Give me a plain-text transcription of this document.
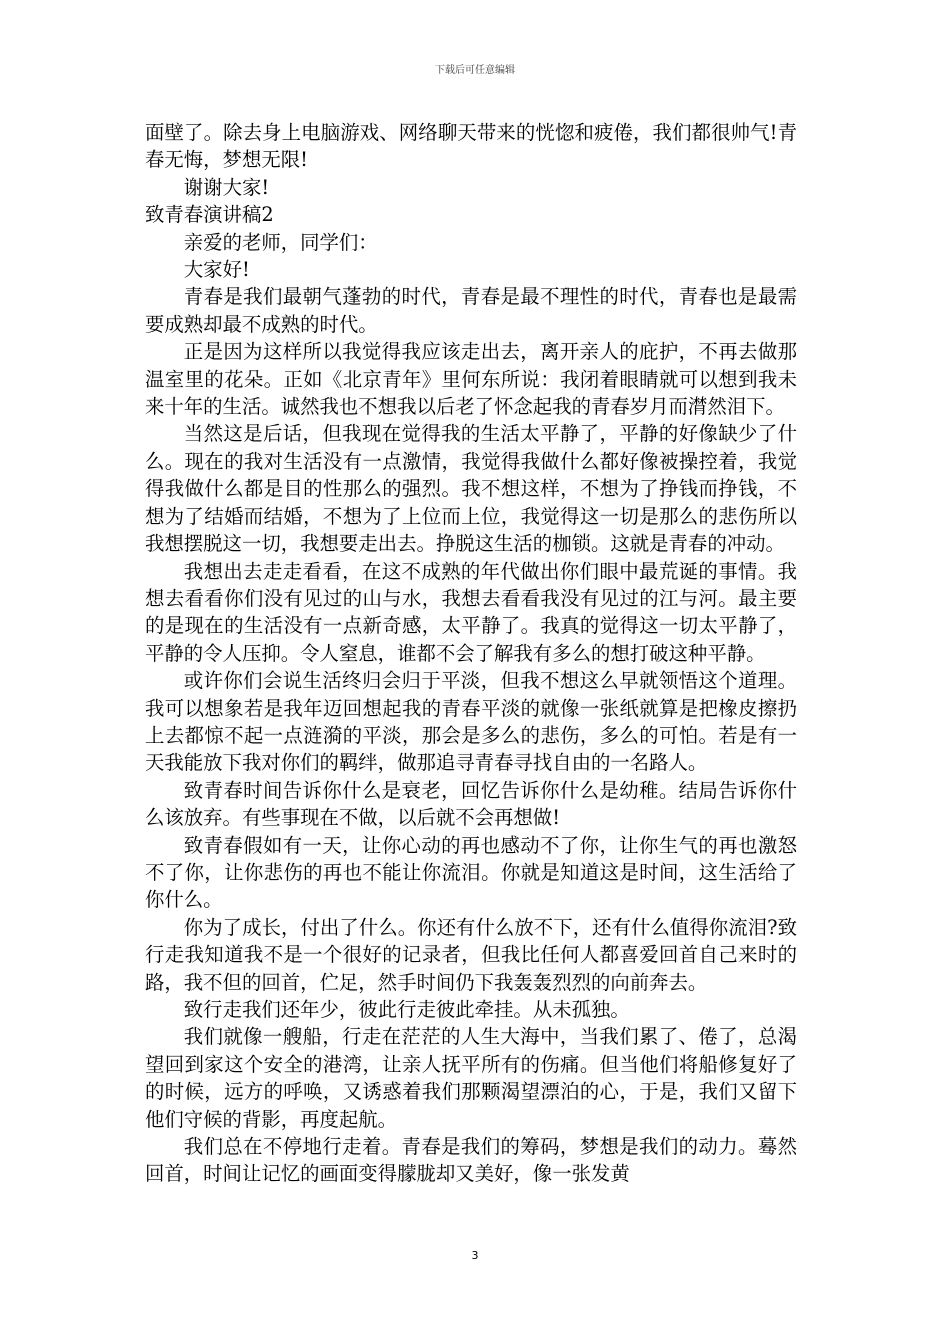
下载后可任意编辑

面壁了。除去身上电脑游戏、网络聊天带来的恍惚和疲倦，我们都很帅气!青春无悔，梦想无限!

谢谢大家!

致青春演讲稿2

亲爱的老师，同学们：

大家好!

青春是我们最朝气蓬勃的时代，青春是最不理性的时代，青春也是最需要成熟却最不成熟的时代。

正是因为这样所以我觉得我应该走出去，离开亲人的庇护，不再去做那温室里的花朵。正如《北京青年》里何东所说：我闭着眼睛就可以想到我未来十年的生活。诚然我也不想我以后老了怀念起我的青春岁月而潸然泪下。

当然这是后话，但我现在觉得我的生活太平静了，平静的好像缺少了什么。现在的我对生活没有一点激情，我觉得我做什么都好像被操控着，我觉得我做什么都是目的性那么的强烈。我不想这样，不想为了挣钱而挣钱，不想为了结婚而结婚，不想为了上位而上位，我觉得这一切是那么的悲伤所以我想摆脱这一切，我想要走出去。挣脱这生活的枷锁。这就是青春的冲动。

我想出去走走看看，在这不成熟的年代做出你们眼中最荒诞的事情。我想去看看你们没有见过的山与水，我想去看看我没有见过的江与河。最主要的是现在的生活没有一点新奇感，太平静了。我真的觉得这一切太平静了，平静的令人压抑。令人窒息，谁都不会了解我有多么的想打破这种平静。

或许你们会说生活终归会归于平淡，但我不想这么早就领悟这个道理。我可以想象若是我年迈回想起我的青春平淡的就像一张纸就算是把橡皮擦扔上去都惊不起一点涟漪的平淡，那会是多么的悲伤，多么的可怕。若是有一天我能放下我对你们的羁绊，做那追寻青春寻找自由的一名路人。

致青春时间告诉你什么是衰老，回忆告诉你什么是幼稚。结局告诉你什么该放弃。有些事现在不做，以后就不会再想做!

致青春假如有一天，让你心动的再也感动不了你，让你生气的再也激怒不了你，让你悲伤的再也不能让你流泪。你就是知道这是时间，这生活给了你什么。

你为了成长，付出了什么。你还有什么放不下，还有什么值得你流泪?致行走我知道我不是一个很好的记录者，但我比任何人都喜爱回首自己来时的路，我不但的回首，伫足，然手时间仍下我轰轰烈烈的向前奔去。

致行走我们还年少，彼此行走彼此牵挂。从未孤独。

我们就像一艘船，行走在茫茫的人生大海中，当我们累了、倦了，总渴望回到家这个安全的港湾，让亲人抚平所有的伤痛。但当他们将船修复好了的时候，远方的呼唤，又诱惑着我们那颗渴望漂泊的心，于是，我们又留下他们守候的背影，再度起航。

我们总在不停地行走着。青春是我们的筹码，梦想是我们的动力。蓦然回首，时间让记忆的画面变得朦胧却又美好，像一张发黄

3
